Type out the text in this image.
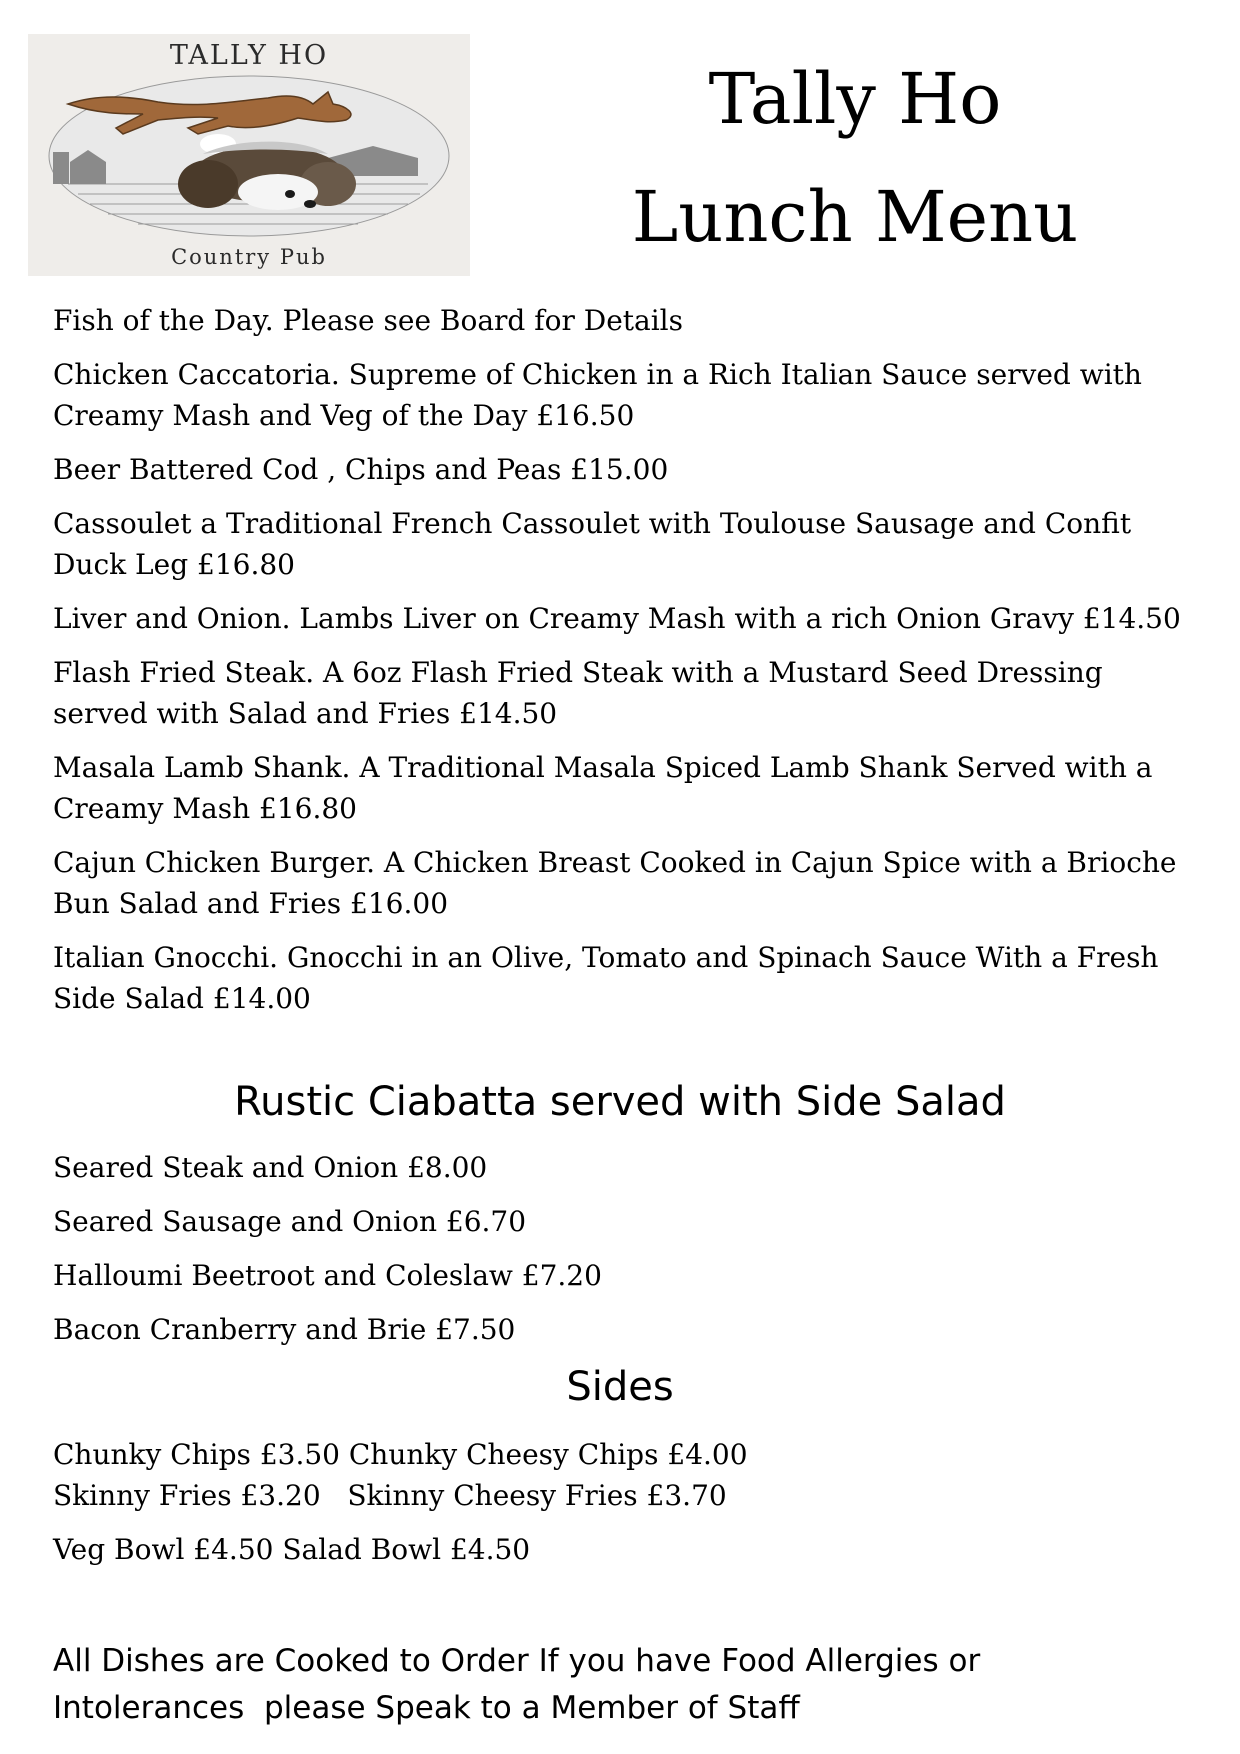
TALLY HO
Country Pub
Tally Ho
Lunch Menu
Fish of the Day. Please see Board for Details
Chicken Caccatoria. Supreme of Chicken in a Rich Italian Sauce served with Creamy Mash and Veg of the Day £16.50
Beer Battered Cod , Chips and Peas £15.00
Cassoulet a Traditional French Cassoulet with Toulouse Sausage and Confit Duck Leg £16.80
Liver and Onion. Lambs Liver on Creamy Mash with a rich Onion Gravy £14.50
Flash Fried Steak. A 6oz Flash Fried Steak with a Mustard Seed Dressing served with Salad and Fries £14.50
Masala Lamb Shank. A Traditional Masala Spiced Lamb Shank Served with a Creamy Mash £16.80
Cajun Chicken Burger. A Chicken Breast Cooked in Cajun Spice with a Brioche Bun Salad and Fries £16.00
Italian Gnocchi. Gnocchi in an Olive, Tomato and Spinach Sauce With a Fresh Side Salad £14.00
Rustic Ciabatta served with Side Salad
Seared Steak and Onion £8.00
Seared Sausage and Onion £6.70
Halloumi Beetroot and Coleslaw £7.20
Bacon Cranberry and Brie £7.50
Sides
Chunky Chips £3.50 Chunky Cheesy Chips £4.00
Skinny Fries £3.20   Skinny Cheesy Fries £3.70
Veg Bowl £4.50 Salad Bowl £4.50

All Dishes are Cooked to Order If you have Food Allergies or
Intolerances  please Speak to a Member of Staff
